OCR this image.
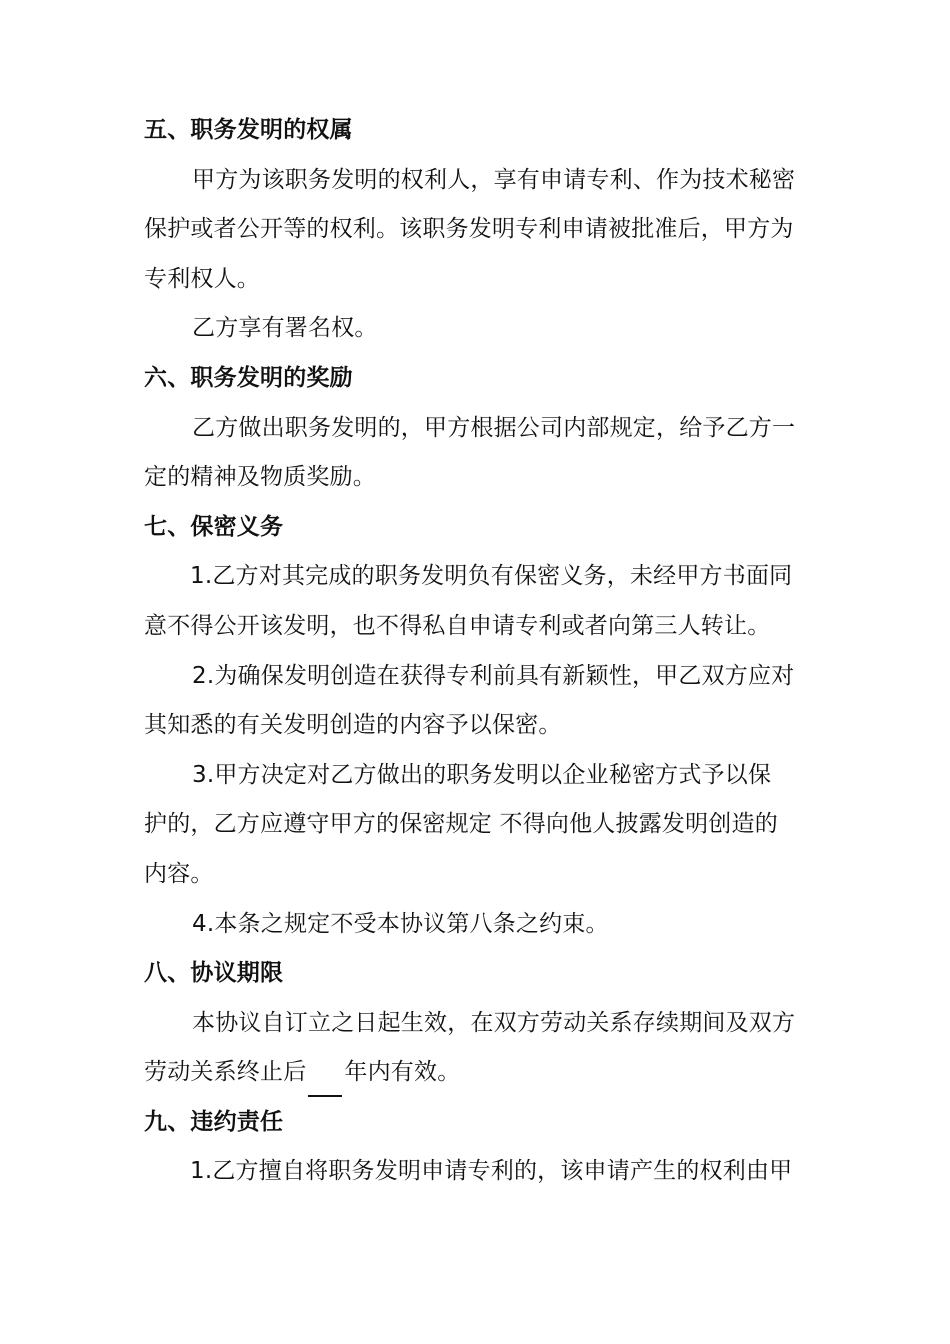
五、职务发明的权属
甲方为该职务发明的权利人，享有申请专利、作为技术秘密
保护或者公开等的权利。该职务发明专利申请被批准后，甲方为
专利权人。
乙方享有署名权。
六、职务发明的奖励
乙方做出职务发明的，甲方根据公司内部规定，给予乙方一
定的精神及物质奖励。
七、保密义务
1.乙方对其完成的职务发明负有保密义务，未经甲方书面同
意不得公开该发明，也不得私自申请专利或者向第三人转让。
2.为确保发明创造在获得专利前具有新颖性，甲乙双方应对
其知悉的有关发明创造的内容予以保密。
3.甲方决定对乙方做出的职务发明以企业秘密方式予以保
护的，乙方应遵守甲方的保密规定 不得向他人披露发明创造的
内容。
4.本条之规定不受本协议第八条之约束。
八、协议期限
本协议自订立之日起生效，在双方劳动关系存续期间及双方
劳动关系终止后 年内有效。
九、违约责任
1.乙方擅自将职务发明申请专利的，该申请产生的权利由甲
